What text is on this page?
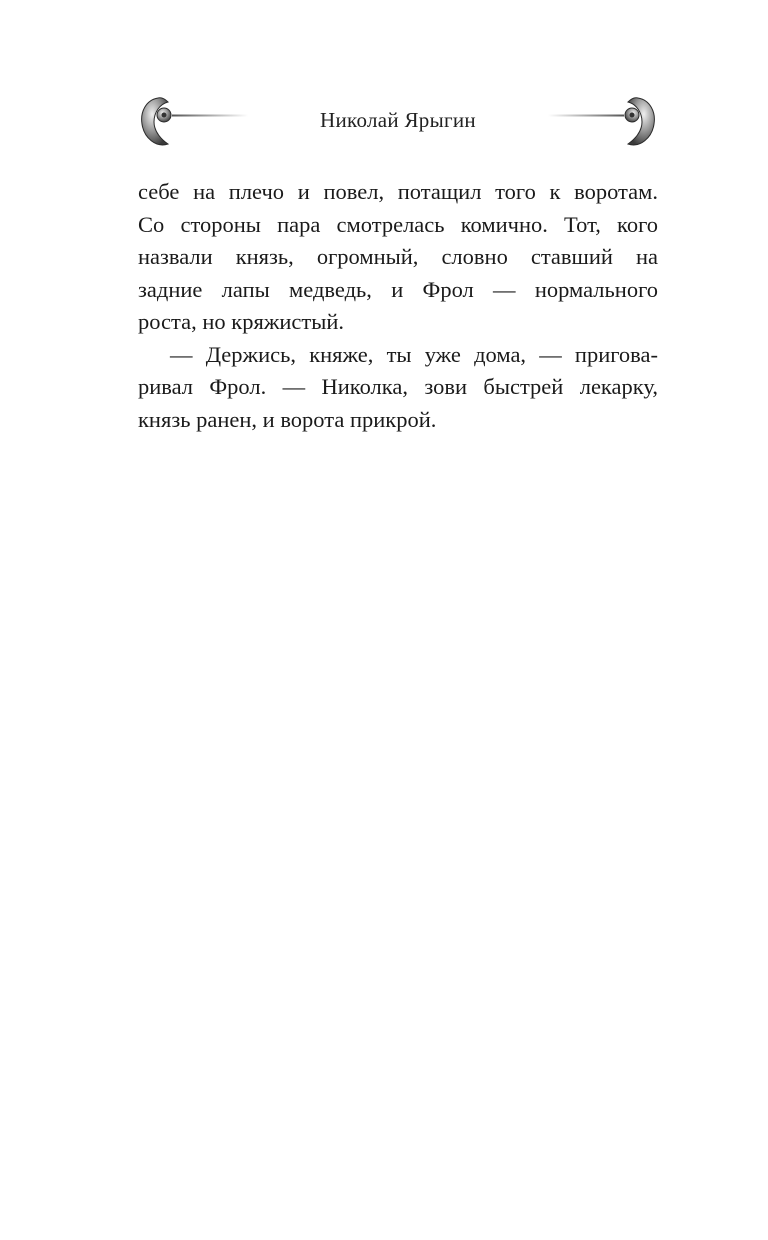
Николай Ярыгин
себе на плечо и повел, потащил того к воротам.
Со стороны пара смотрелась комично. Тот, кого
назвали князь, огромный, словно ставший на
задние лапы медведь, и Фрол — нормального
роста, но кряжистый.
— Держись, княже, ты уже дома, — пригова-
ривал Фрол. — Николка, зови быстрей лекарку,
князь ранен, и ворота прикрой.
